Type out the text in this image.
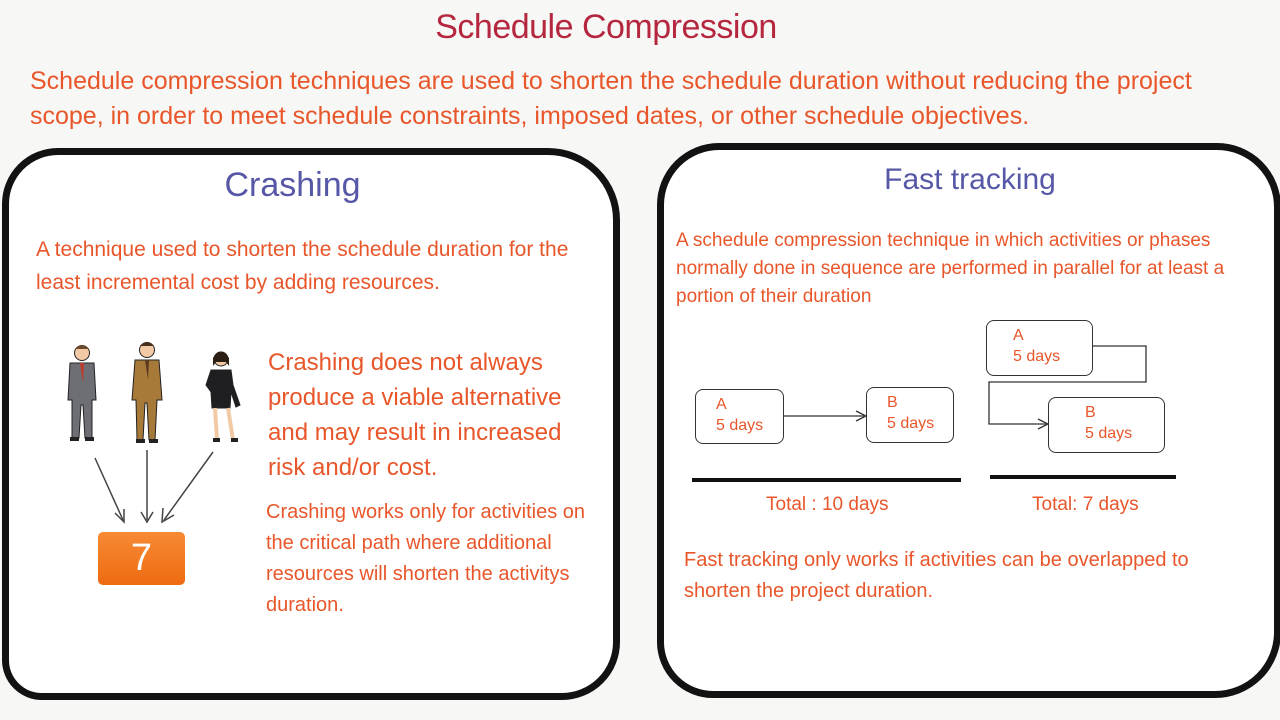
Schedule Compression
Schedule compression techniques are used to shorten the schedule duration without reducing the project scope, in order to meet schedule constraints, imposed dates, or other schedule objectives.
Crashing
A technique used to shorten the schedule duration for the least incremental cost by adding resources.
7
Crashing does not always produce a viable alternative and may result in increased risk and/or cost.
Crashing works only for activities on the critical path where additional resources will shorten the activitys duration.
Fast tracking
A schedule compression technique in which activities or phases normally done in sequence are performed in parallel for at least a portion of their duration
A
5 days
B
5 days
A
5 days
B
5 days
Total : 10 days	Total: 7 days
Fast tracking only works if activities can be overlapped to shorten the project duration.
